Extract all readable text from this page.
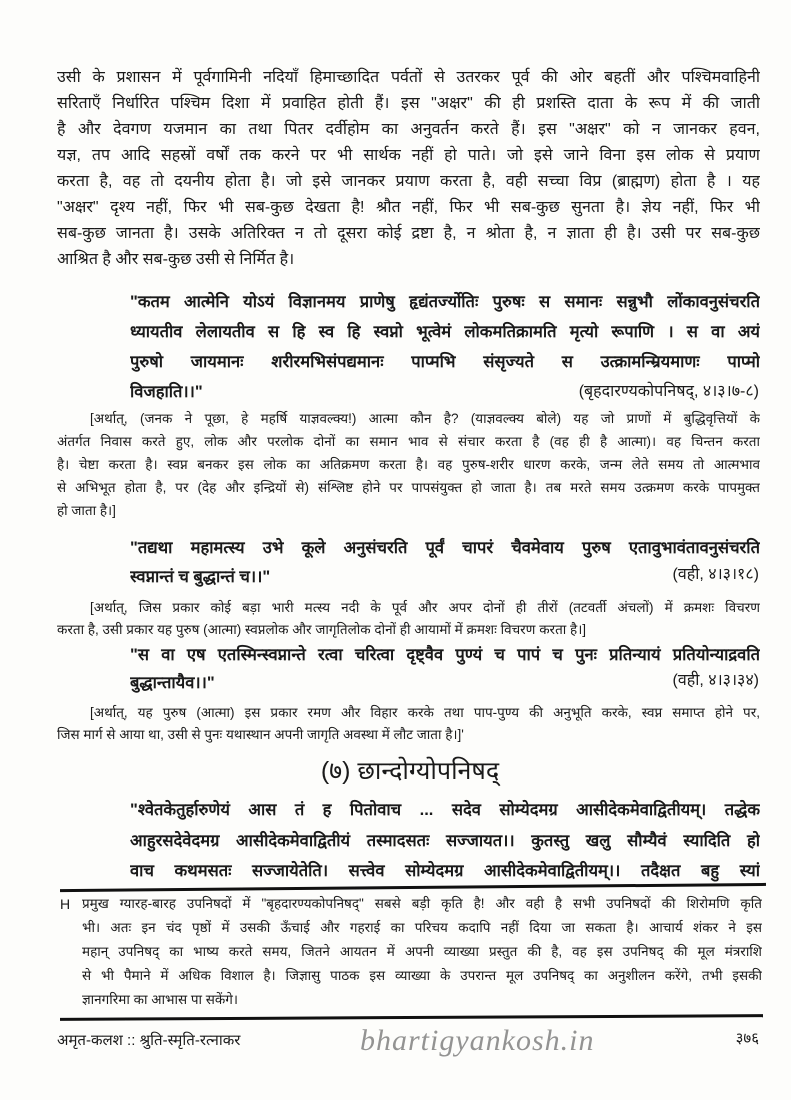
उसी के प्रशासन में पूर्वगामिनी नदियाँ हिमाच्छादित पर्वतों से उतरकर पूर्व की ओर बहतीं और पश्चिमवाहिनी
सरिताएँ निर्धारित पश्चिम दिशा में प्रवाहित होती हैं। इस "अक्षर" की ही प्रशस्ति दाता के रूप में की जाती
है और देवगण यजमान का तथा पितर दर्वीहोम का अनुवर्तन करते हैं। इस "अक्षर" को न जानकर हवन,
यज्ञ, तप आदि सहस्रों वर्षों तक करने पर भी सार्थक नहीं हो पाते। जो इसे जाने विना इस लोक से प्रयाण
करता है, वह तो दयनीय होता है। जो इसे जानकर प्रयाण करता है, वही सच्चा विप्र (ब्राह्मण) होता है । यह
"अक्षर" दृश्य नहीं, फिर भी सब-कुछ देखता है! श्रौत नहीं, फिर भी सब-कुछ सुनता है। ज्ञेय नहीं, फिर भी
सब-कुछ जानता है। उसके अतिरिक्त न तो दूसरा कोई द्रष्टा है, न श्रोता है, न ज्ञाता ही है। उसी पर सब-कुछ
आश्रित है और सब-कुछ उसी से निर्मित है।
"कतम आत्मेनि योऽयं विज्ञानमय प्राणेषु हृद्यंतर्ज्योतिः पुरुषः स समानः सन्नुभौ लोंकावनुसंचरति
ध्यायतीव लेलायतीव स हि स्व हि स्वप्नो भूत्वेमं लोकमतिक्रामति मृत्यो रूपाणि । स वा अयं
पुरुषो जायमानः शरीरमभिसंपद्यमानः पाप्मभि संसृज्यते स उत्क्रामन्म्रियमाणः पाप्मो
विजहाति।।"	(बृहदारण्यकोपनिषद्, ४।३।७-८)
[अर्थात्, (जनक ने पूछा, हे महर्षि याज्ञवल्क्य!) आत्मा कौन है? (याज्ञवल्क्य बोले) यह जो प्राणों में बुद्धिवृत्तियों के
अंतर्गत निवास करते हुए, लोक और परलोक दोनों का समान भाव से संचार करता है (वह ही है आत्मा)। वह चिन्तन करता
है। चेष्टा करता है। स्वप्न बनकर इस लोक का अतिक्रमण करता है। वह पुरुष-शरीर धारण करके, जन्म लेते समय तो आत्मभाव
से अभिभूत होता है, पर (देह और इन्द्रियों से) संश्लिष्ट होने पर पापसंयुक्त हो जाता है। तब मरते समय उत्क्रमण करके पापमुक्त
हो जाता है।]
"तद्यथा महामत्स्य उभे कूले अनुसंचरति पूर्वं चापरं चैवमेवाय पुरुष एतावुभावंतावनुसंचरति
स्वप्नान्तं च बुद्धान्तं च।।"	(वही, ४।३।१८)
[अर्थात्, जिस प्रकार कोई बड़ा भारी मत्स्य नदी के पूर्व और अपर दोनों ही तीरों (तटवर्ती अंचलों) में क्रमशः विचरण
करता है, उसी प्रकार यह पुरुष (आत्मा) स्वप्नलोक और जागृतिलोक दोनों ही आयामों में क्रमशः विचरण करता है।]
"स वा एष एतस्मिन्स्वप्नान्ते रत्वा चरित्वा दृष्ट्वैव पुण्यं च पापं च पुनः प्रतिन्यायं प्रतियोन्याद्रवति
बुद्धान्तायैव।।"	(वही, ४।३।३४)
[अर्थात्, यह पुरुष (आत्मा) इस प्रकार रमण और विहार करके तथा पाप-पुण्य की अनुभूति करके, स्वप्न समाप्त होने पर,
जिस मार्ग से आया था, उसी से पुनः यथास्थान अपनी जागृति अवस्था में लौट जाता है।]'
(७) छान्दोग्योपनिषद्
"श्वेतकेतुर्हारुणेयं आस तं ह पितोवाच ... सदेव सोम्येदमग्र आसीदेकमेवाद्वितीयम्। तद्धेक
आहुरसदेवेदमग्र आसीदेकमेवाद्वितीयं तस्मादसतः सज्जायत।। कुतस्तु खलु सौम्यैवं स्यादिति हो
वाच कथमसतः सज्जायेतेति। सत्त्वेव सोम्येदमग्र आसीदेकमेवाद्वितीयम्।। तदैक्षत बहु स्यां
H प्रमुख ग्यारह-बारह उपनिषदों में "बृहदारण्यकोपनिषद्" सबसे बड़ी कृति है! और वही है सभी उपनिषदों की शिरोमणि कृति
भी। अतः इन चंद पृष्ठों में उसकी ऊँचाई और गहराई का परिचय कदापि नहीं दिया जा सकता है। आचार्य शंकर ने इस
महान् उपनिषद् का भाष्य करते समय, जितने आयतन में अपनी व्याख्या प्रस्तुत की है, वह इस उपनिषद् की मूल मंत्रराशि
से भी पैमाने में अधिक विशाल है। जिज्ञासु पाठक इस व्याख्या के उपरान्त मूल उपनिषद् का अनुशीलन करेंगे, तभी इसकी
ज्ञानगरिमा का आभास पा सकेंगे।
अमृत-कलश :: श्रुति-स्मृति-रत्नाकर	bhartigyankosh.in	३७६
